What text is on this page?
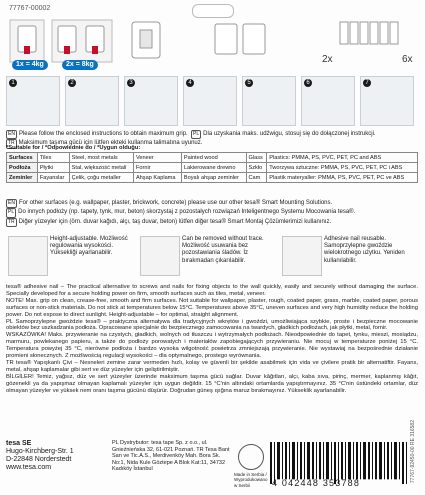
77767-00002
2x	6x
1x = 4kg	2x = 8kg
1	2	3	4	5	6	7
EN Please follow the enclosed instructions to obtain maximum grip. PL Dla uzyskania maks. udźwigu, stosuj się do dołączonej instrukcji.
TR Maksimum taşıma gücü için lütfen ekteki kullanma talimatına uyunuz.
*Suitable for / *Odpowiednie do / *Uygun olduğu:
Surfaces	Tiles	Steel, most metals	Veneer	Painted wood	Glass	Plastics: PMMA, PS, PVC, PET, PC and ABS
Podłoża	Płytki	Stal, większość metali	Fornir	Lakierowane drewno	Szkło	Tworzywa sztuczne: PMMA, PS, PVC, PET, PC i ABS
Zeminler	Fayanslar	Çelik, çoğu metaller	Ahşap Kaplama	Boyalı ahşap zeminler	Cam	Plastik materyaller: PMMA, PS, PVC, PET, PC ve ABS
EN For other surfaces (e.g. wallpaper, plaster, brickwork, concrete) please use our other tesa® Smart Mounting Solutions.
PL Do innych podłoży (np. tapety, tynk, mur, beton) skorzystaj z pozostałych rozwiązań Inteligentnego Systemu Mocowania tesa®.
TR Diğer yüzeyler için (örn. duvar kağıdı, alçı, taş duvar, beton) lütfen diğer tesa® Smart Montaj Çözümlerimizi kullanınız.
Height-adjustable. Możliwość regulowania wysokości. Yüksekliği ayarlanabilir.
Can be removed without trace. Możliwość usuwania bez pozostawiania śladów. İz bırakmadan çıkarılabilir.
Adhesive nail reusable. Samoprzylepne gwoździe wielokrotnego użytku. Yeniden kullanılabilir.
tesa® adhesive nail – The practical alternative to screws and nails for fixing objects to the wall quickly, easily and securely without damaging the surface. Specially developed for a secure holding power on firm, smooth surfaces such as tiles, metal, veneer.
NOTE! Max. grip on clean, crease-free, smooth and firm surfaces. Not suitable for wallpaper, plaster, rough, coated paper, grass, marble, coated paper, porous surfaces or non-stick materials. Do not stick at temperatures below 15°C. Temperatures above 35°C, uneven surfaces and very high humidity reduce the holding power. Do not expose to direct sunlight. Height-adjustable – for optimal, straight alignment.
PL Samoprzylepne gwoździe tesa® – praktyczna alternatywa dla tradycyjnych wkrętów i gwoździ, umożliwiająca szybkie, proste i bezpieczne mocowanie obiektów bez uszkadzania podłoża. Opracowane specjalnie do bezpiecznego zamocowania na twardych, gładkich podłożach, jak płytki, metal, fornir.
WSKAZÓWKA! Maks. przywieranie na czystych, gładkich, wolnych od tłuszczu i wytrzymałych podłożach. Nieodpowiednie do tapet, tynku, mieszi, mosiądzu, marmuru, powlekanego papieru, a także do podłoży porowatych i materiałów zapobiegających przywieraniu. Nie mocuj w temperaturze poniżej 15 °C. Temperatura powyżej 35 °C, nierówne podłoża i bardzo wysoka wilgotność powietrza zmniejszają przywieranie. Nie wystawiaj na bezpośrednie działanie promieni słonecznych. Z możliwością regulacji wysokości – dla optymalnego, prostego wyrównania.
TR tesa® Yapışkanlı Çivi – Nesneleri zemine zarar vermeden hızlı, kolay ve güvenli bir şekilde asabilmek için vida ve çivilere pratik bir alternatiftir. Fayans, metal, ahşap kaplamalar gibi sert ve düz yüzeyler için geliştirilmiştir.
BİLGİLER! Temiz, yağsız, düz ve sert yüzeyler üzerinde maksimum taşıma gücü sağlar. Duvar kâğıtları, alçı, kaba sıva, pirinç, mermer, kaplanmış kâğıt, gözenekli ya da yapışmaz olmayan kaplamalı yüzeyler için uygun değildir. 15 °C'nin altındaki ortamlarda yapıştırmayınız. 35 °C'nin üstündeki ortamlar, düz olmayan yüzeyler ve yüksek nem oranı taşıma gücünü düşürür. Doğrudan güneş ışığına maruz bırakmayınız. Yükseklik ayarlanabilir.
tesa SE
Hugo-Kirchberg-Str. 1
D-22848 Norderstedt
www.tesa.com
PL Dystrybutor: tesa tape Sp. z o.o., ul. Gnieźnieńska 32, 61-021 Poznań. TR Tesa Bant San ve Tic.A.S., Merdivenköy Mah. Bora Sk. No:1, Nida Kule Göztepe A Blok Kat:11, 34732 Kadıköy İstanbul
Made in Serbia / Wyprodukowano w Serbii	4 042448 353788	77767-92450-00 RE 316582
